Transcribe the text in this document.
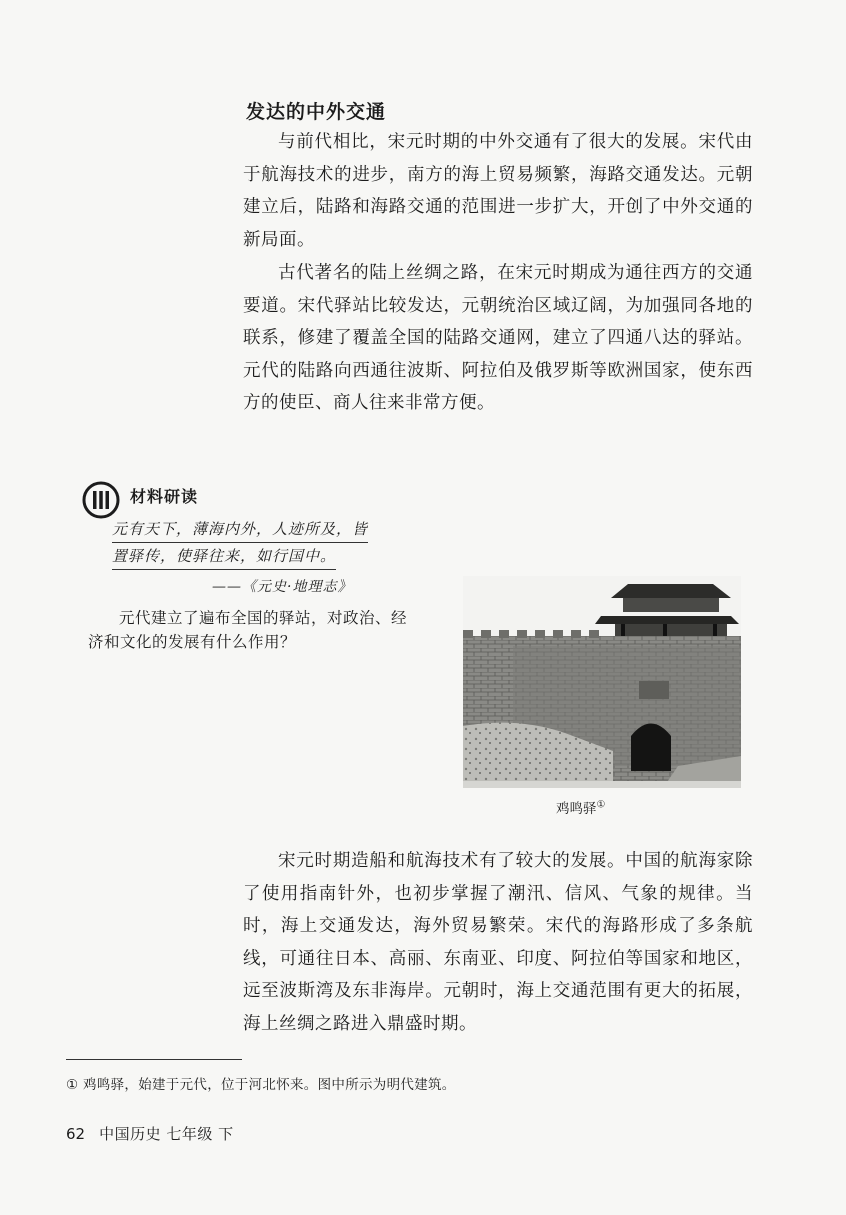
发达的中外交通

与前代相比，宋元时期的中外交通有了很大的发展。宋代由于航海技术的进步，南方的海上贸易频繁，海路交通发达。元朝建立后，陆路和海路交通的范围进一步扩大，开创了中外交通的新局面。

古代著名的陆上丝绸之路，在宋元时期成为通往西方的交通要道。宋代驿站比较发达，元朝统治区域辽阔，为加强同各地的联系，修建了覆盖全国的陆路交通网，建立了四通八达的驿站。元代的陆路向西通往波斯、阿拉伯及俄罗斯等欧洲国家，使东西方的使臣、商人往来非常方便。

材料研读
元有天下，薄海内外，人迹所及，皆
置驿传，使驿往来，如行国中。
——《元史·地理志》

元代建立了遍布全国的驿站，对政治、经济和文化的发展有什么作用？

鸡鸣驿①

宋元时期造船和航海技术有了较大的发展。中国的航海家除了使用指南针外，也初步掌握了潮汛、信风、气象的规律。当时，海上交通发达，海外贸易繁荣。宋代的海路形成了多条航线，可通往日本、高丽、东南亚、印度、阿拉伯等国家和地区，远至波斯湾及东非海岸。元朝时，海上交通范围有更大的拓展，海上丝绸之路进入鼎盛时期。

① 鸡鸣驿，始建于元代，位于河北怀来。图中所示为明代建筑。
62 中国历史 七年级 下
